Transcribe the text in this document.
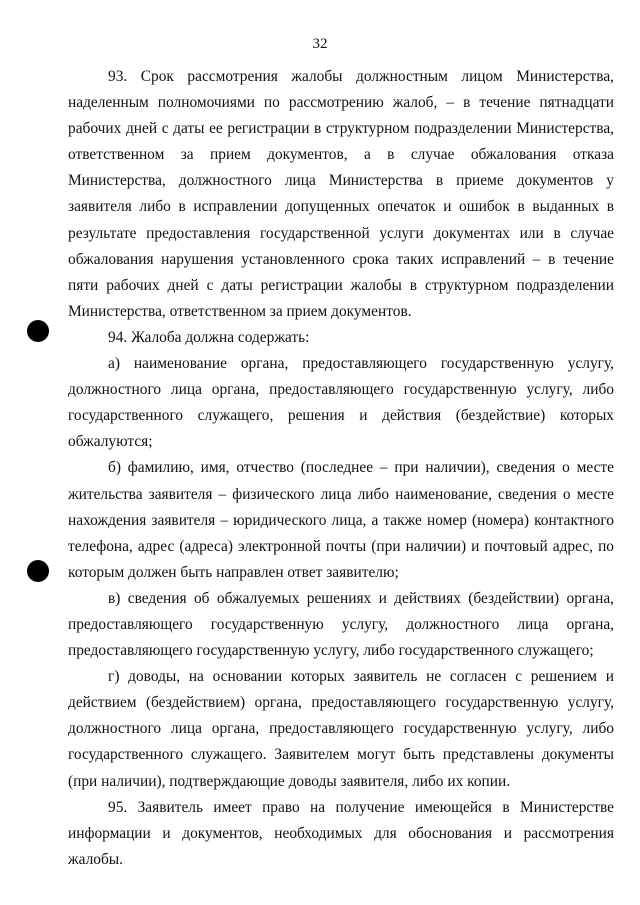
32

93. Срок рассмотрения жалобы должностным лицом Министерства, наделенным полномочиями по рассмотрению жалоб, – в течение пятнадцати рабочих дней с даты ее регистрации в структурном подразделении Министерства, ответственном за прием документов, а в случае обжалования отказа Министерства, должностного лица Министерства в приеме документов у заявителя либо в исправлении допущенных опечаток и ошибок в выданных в результате предоставления государственной услуги документах или в случае обжалования нарушения установленного срока таких исправлений – в течение пяти рабочих дней с даты регистрации жалобы в структурном подразделении Министерства, ответственном за прием документов.

94. Жалоба должна содержать:

а) наименование органа, предоставляющего государственную услугу, должностного лица органа, предоставляющего государственную услугу, либо государственного служащего, решения и действия (бездействие) которых обжалуются;

б) фамилию, имя, отчество (последнее – при наличии), сведения о месте жительства заявителя – физического лица либо наименование, сведения о месте нахождения заявителя – юридического лица, а также номер (номера) контактного телефона, адрес (адреса) электронной почты (при наличии) и почтовый адрес, по которым должен быть направлен ответ заявителю;

в) сведения об обжалуемых решениях и действиях (бездействии) органа, предоставляющего государственную услугу, должностного лица органа, предоставляющего государственную услугу, либо государственного служащего;

г) доводы, на основании которых заявитель не согласен с решением и действием (бездействием) органа, предоставляющего государственную услугу, должностного лица органа, предоставляющего государственную услугу, либо государственного служащего. Заявителем могут быть представлены документы (при наличии), подтверждающие доводы заявителя, либо их копии.

95. Заявитель имеет право на получение имеющейся в Министерстве информации и документов, необходимых для обоснования и рассмотрения жалобы.
